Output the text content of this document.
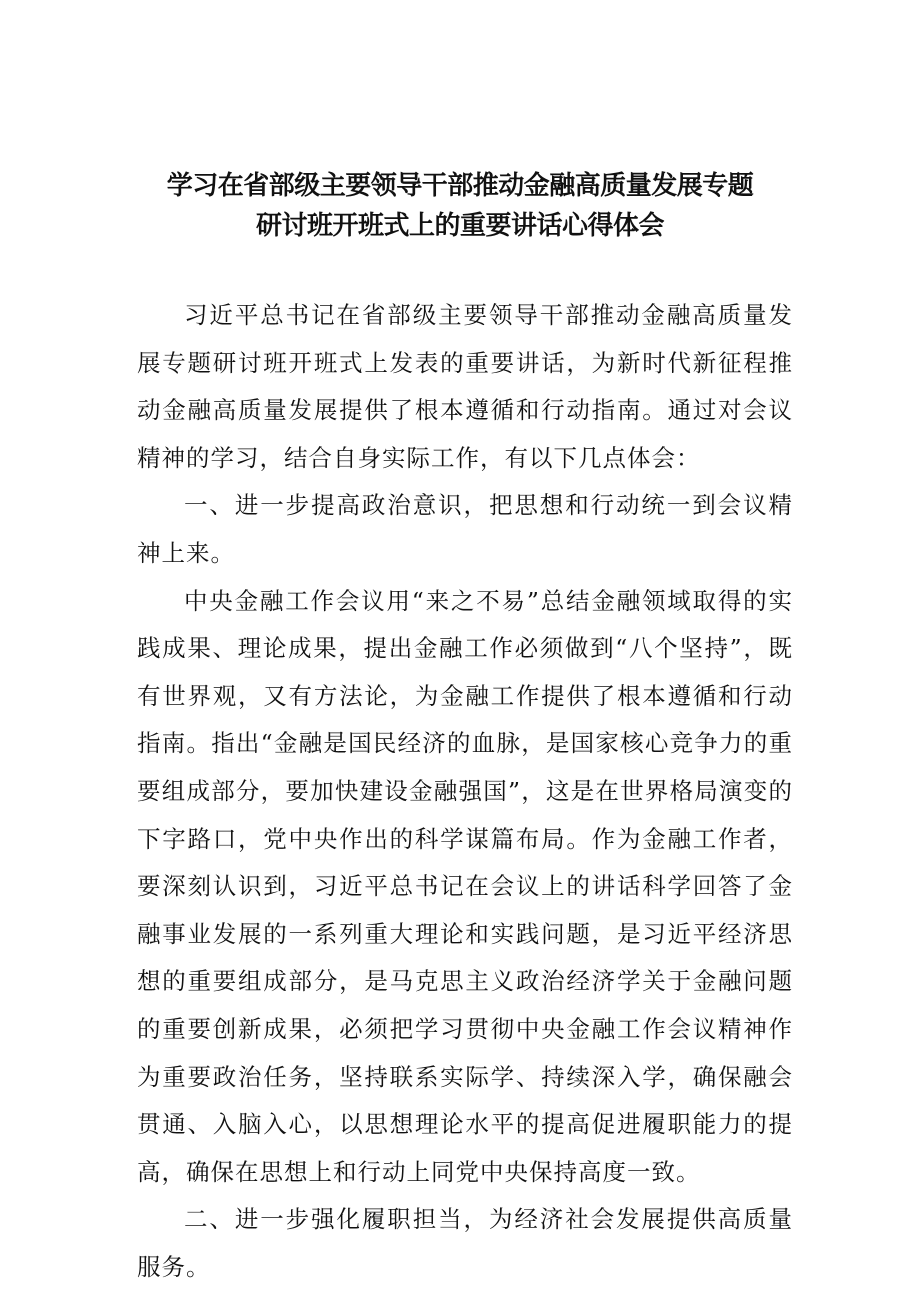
学习在省部级主要领导干部推动金融高质量发展专题
研讨班开班式上的重要讲话心得体会

习近平总书记在省部级主要领导干部推动金融高质量发展专题研讨班开班式上发表的重要讲话，为新时代新征程推动金融高质量发展提供了根本遵循和行动指南。通过对会议精神的学习，结合自身实际工作，有以下几点体会：

一、进一步提高政治意识，把思想和行动统一到会议精神上来。

中央金融工作会议用“来之不易”总结金融领域取得的实践成果、理论成果，提出金融工作必须做到“八个坚持”，既有世界观，又有方法论，为金融工作提供了根本遵循和行动指南。指出“金融是国民经济的血脉，是国家核心竞争力的重要组成部分，要加快建设金融强国”，这是在世界格局演变的下字路口，党中央作出的科学谋篇布局。作为金融工作者，要深刻认识到，习近平总书记在会议上的讲话科学回答了金融事业发展的一系列重大理论和实践问题，是习近平经济思想的重要组成部分，是马克思主义政治经济学关于金融问题的重要创新成果，必须把学习贯彻中央金融工作会议精神作为重要政治任务，坚持联系实际学、持续深入学，确保融会贯通、入脑入心，以思想理论水平的提高促进履职能力的提高，确保在思想上和行动上同党中央保持高度一致。

二、进一步强化履职担当，为经济社会发展提供高质量服务。
